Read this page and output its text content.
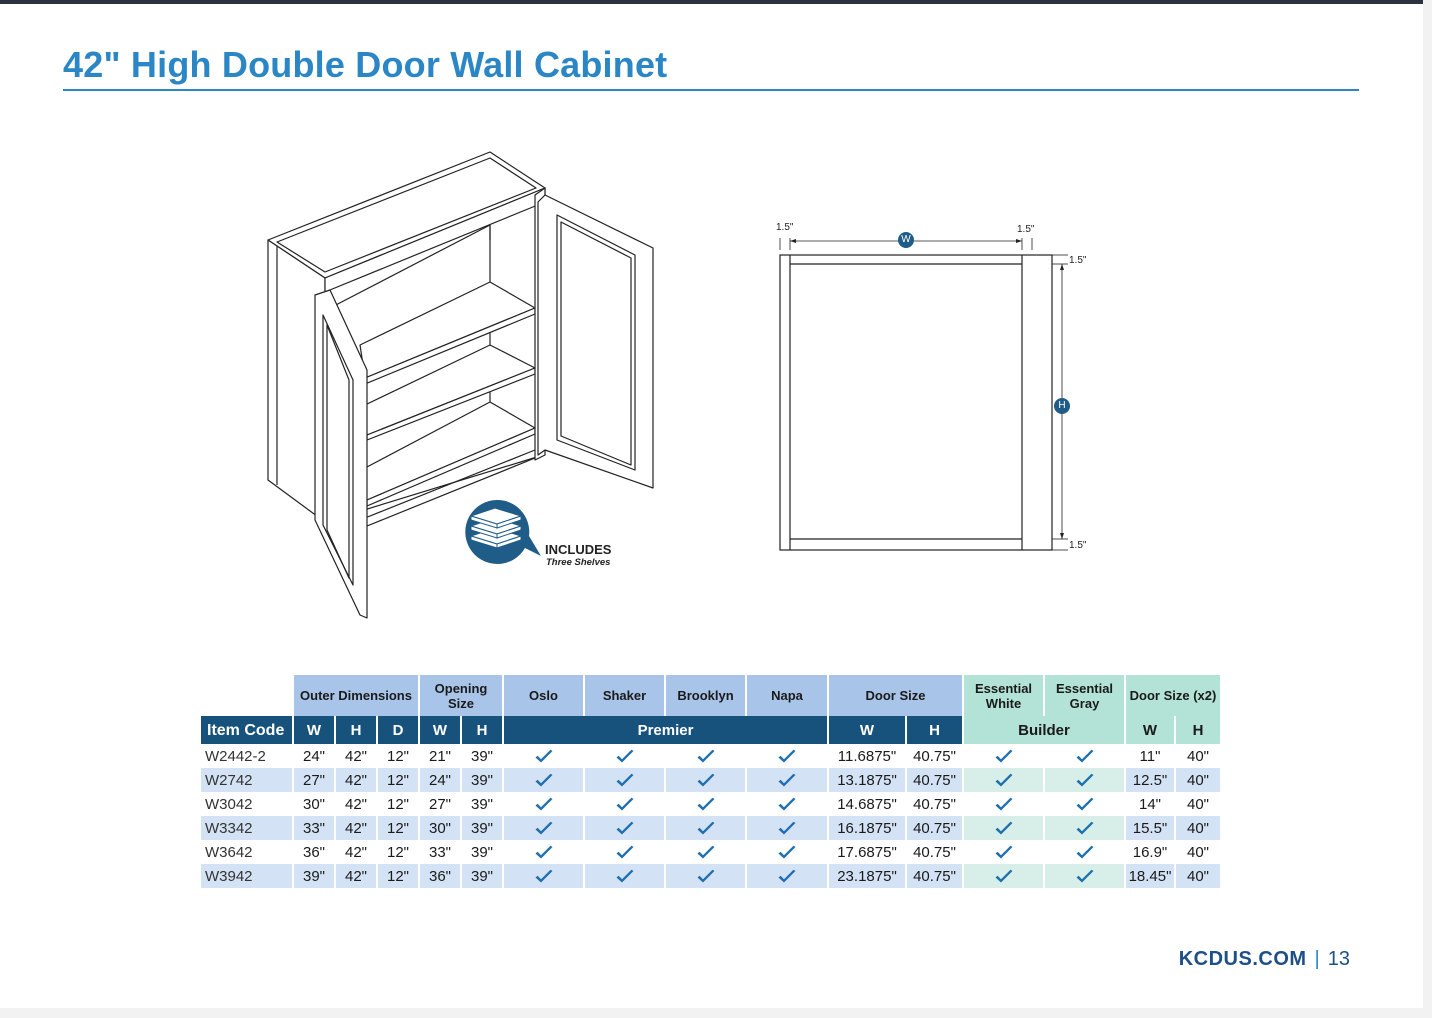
42" High Double Door Wall Cabinet
INCLUDES
Three Shelves
1.5"	1.5"
1.5"
1.5"
W
H
	Outer Dimensions			Opening Size		Oslo	Shaker	Brooklyn	Napa	Door Size		Essential White	Essential Gray	Door Size (x2)	
Item Code	W	H	D	W	H	Premier				W	H	Builder		W	H
W2442-2	24"	42"	12"	21"	39"					11.6875"	40.75"			11"	40"
W2742	27"	42"	12"	24"	39"					13.1875"	40.75"			12.5"	40"
W3042	30"	42"	12"	27"	39"					14.6875"	40.75"			14"	40"
W3342	33"	42"	12"	30"	39"					16.1875"	40.75"			15.5"	40"
W3642	36"	42"	12"	33"	39"					17.6875"	40.75"			16.9"	40"
W3942	39"	42"	12"	36"	39"					23.1875"	40.75"			18.45"	40"
KCDUS.COM | 13
